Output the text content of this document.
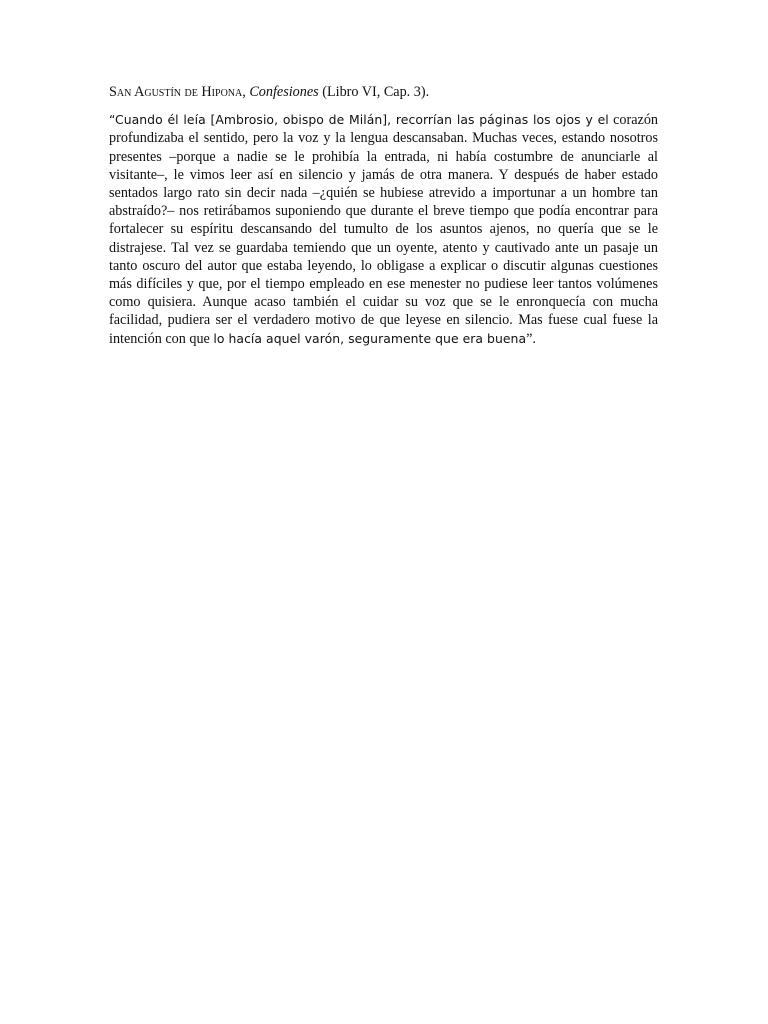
San Agustín de Hipona, Confesiones (Libro VI, Cap. 3).

“Cuando él leía [Ambrosio, obispo de Milán], recorrían las páginas los ojos y el corazón profundizaba el sentido, pero la voz y la lengua descansaban. Muchas veces, estando nosotros presentes –porque a nadie se le prohibía la entrada, ni había costumbre de anunciarle al visitante–, le vimos leer así en silencio y jamás de otra manera. Y después de haber estado sentados largo rato sin decir nada –¿quién se hubiese atrevido a importunar a un hombre tan abstraído?– nos retirábamos suponiendo que durante el breve tiempo que podía encontrar para fortalecer su espíritu descansando del tumulto de los asuntos ajenos, no quería que se le distrajese. Tal vez se guardaba temiendo que un oyente, atento y cautivado ante un pasaje un tanto oscuro del autor que estaba leyendo, lo obligase a explicar o discutir algunas cuestiones más difíciles y que, por el tiempo empleado en ese menester no pudiese leer tantos volúmenes como quisiera. Aunque acaso también el cuidar su voz que se le enronquecía con mucha facilidad, pudiera ser el verdadero motivo de que leyese en silencio. Mas fuese cual fuese la intención con que lo hacía aquel varón, seguramente que era buena”.
